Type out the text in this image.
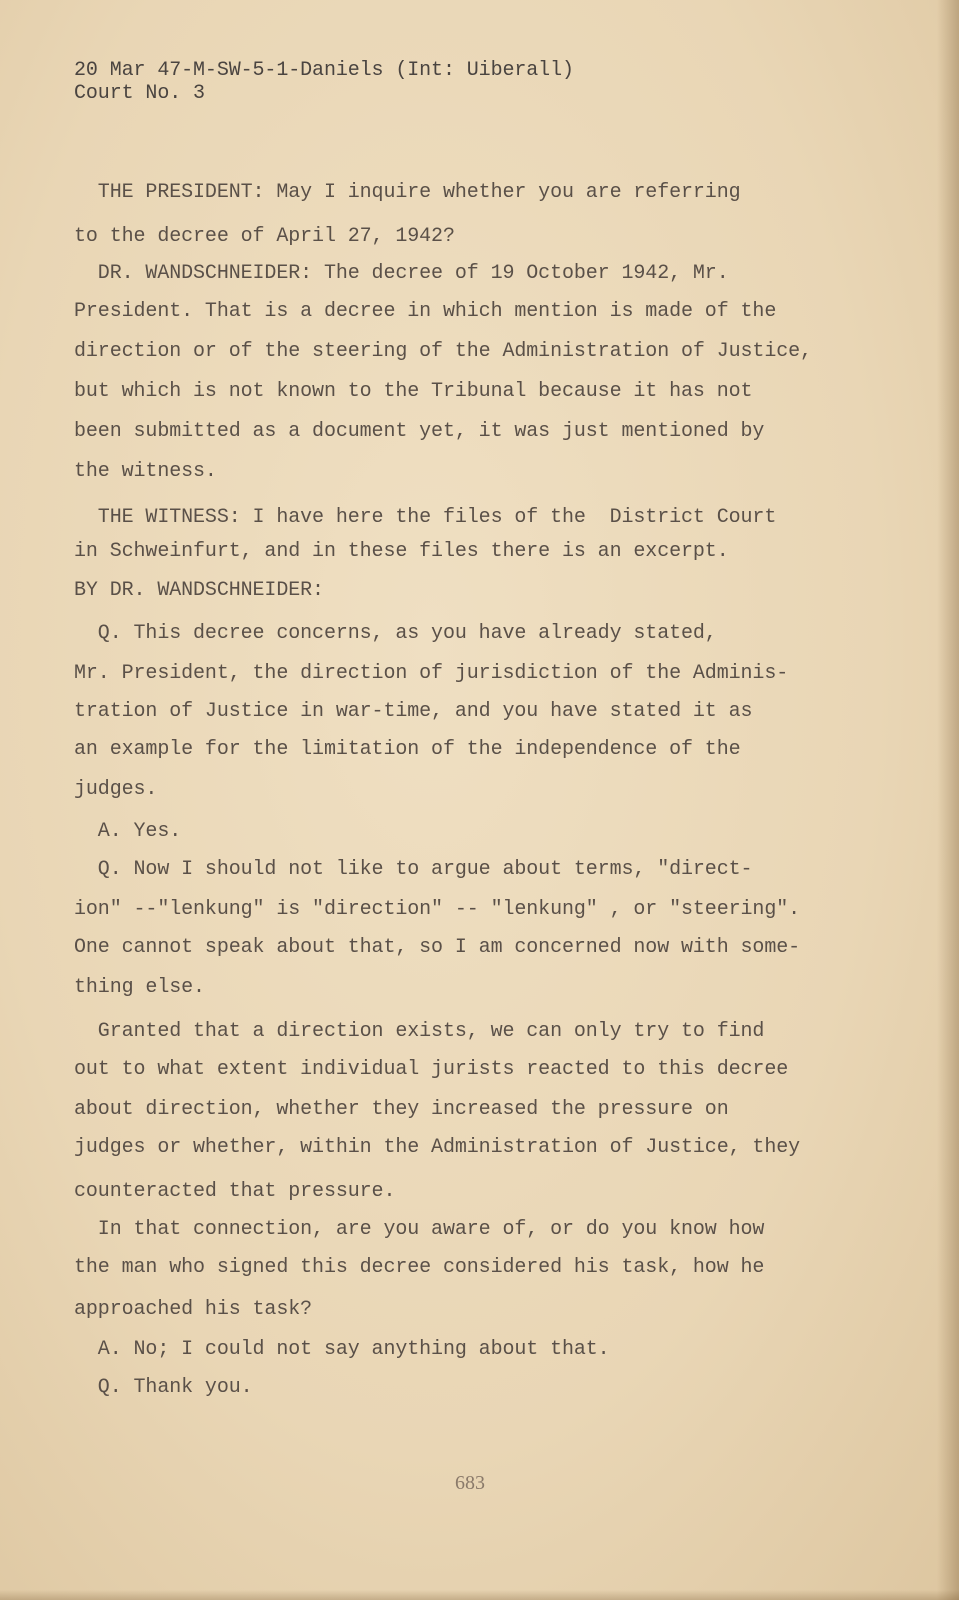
20 Mar 47-M-SW-5-1-Daniels (Int: Uiberall)
Court No. 3
THE PRESIDENT: May I inquire whether you are referring
to the decree of April 27, 1942?
DR. WANDSCHNEIDER: The decree of 19 October 1942, Mr.
President. That is a decree in which mention is made of the
direction or of the steering of the Administration of Justice,
but which is not known to the Tribunal because it has not
been submitted as a document yet, it was just mentioned by
the witness.
THE WITNESS: I have here the files of the  District Court
in Schweinfurt, and in these files there is an excerpt.
BY DR. WANDSCHNEIDER:
Q. This decree concerns, as you have already stated,
Mr. President, the direction of jurisdiction of the Adminis-
tration of Justice in war-time, and you have stated it as
an example for the limitation of the independence of the
judges.
A. Yes.
Q. Now I should not like to argue about terms, "direct-
ion" --"lenkung" is "direction" -- "lenkung" , or "steering".
One cannot speak about that, so I am concerned now with some-
thing else.
Granted that a direction exists, we can only try to find
out to what extent individual jurists reacted to this decree
about direction, whether they increased the pressure on
judges or whether, within the Administration of Justice, they
counteracted that pressure.
In that connection, are you aware of, or do you know how
the man who signed this decree considered his task, how he
approached his task?
A. No; I could not say anything about that.
Q. Thank you.
683
